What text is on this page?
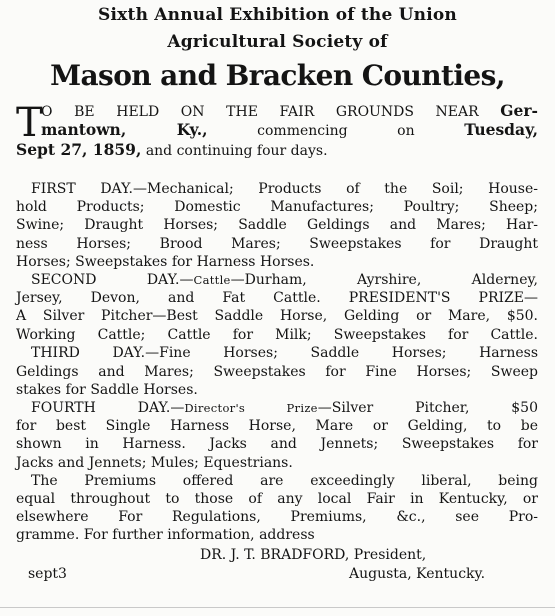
Sixth Annual Exhibition of the Union

Agricultural Society of

Mason and Bracken Counties,

T

O BE HELD ON THE FAIR GROUNDS NEAR Ger-

mantown, Ky.,	commencing on	Tuesday,

Sept 27, 1859, and continuing four days.

FIRST DAY.—Mechanical; Products of the Soil; House-

hold Products; Domestic Manufactures; Poultry; Sheep;

Swine; Draught Horses; Saddle Geldings and Mares; Har-

ness Horses; Brood Mares; Sweepstakes for Draught

Horses; Sweepstakes for Harness Horses.

SECOND DAY.—Cattle—Durham, Ayrshire, Alderney,

Jersey, Devon, and Fat Cattle. PRESIDENT'S PRIZE—

A Silver Pitcher—Best Saddle Horse, Gelding or Mare, $50.

Working Cattle; Cattle for Milk; Sweepstakes for Cattle.

THIRD DAY.—Fine Horses; Saddle Horses; Harness

Geldings and Mares; Sweepstakes for Fine Horses; Sweep

stakes for Saddle Horses.

FOURTH DAY.—Director's Prize—Silver Pitcher, $50

for best Single Harness Horse, Mare or Gelding, to be

shown in Harness. Jacks and Jennets; Sweepstakes for

Jacks and Jennets; Mules; Equestrians.

The Premiums offered are exceedingly liberal, being

equal throughout to those of any local Fair in Kentucky, or

elsewhere For Regulations, Premiums, &c., see Pro-

gramme. For further information, address

DR. J. T. BRADFORD, President,

Augusta, Kentucky.

sept3
